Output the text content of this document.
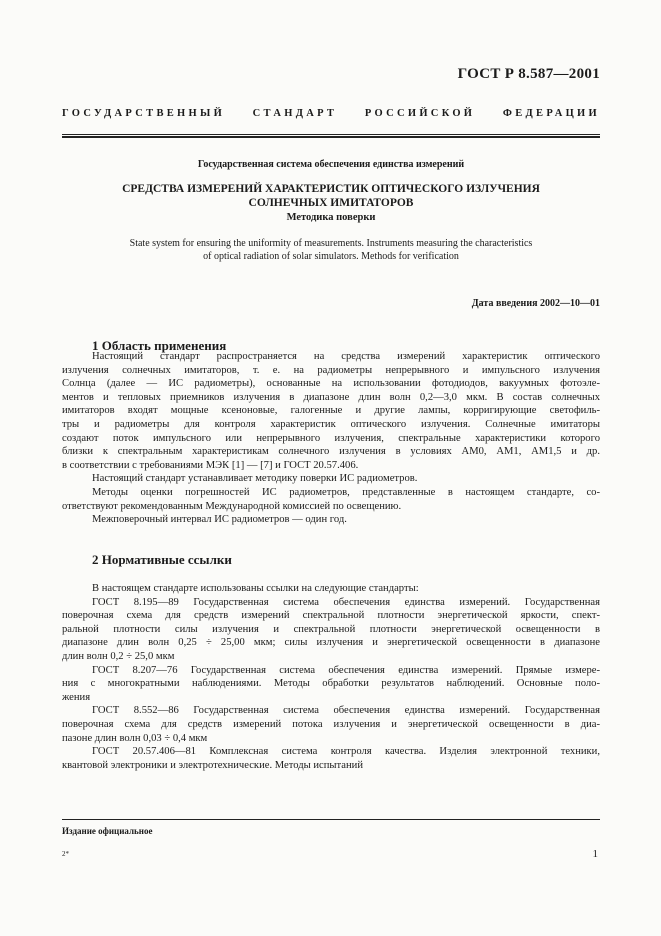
ГОСТ Р 8.587—2001
ГОСУДАРСТВЕННЫЙ СТАНДАРТ РОССИЙСКОЙ ФЕДЕРАЦИИ
Государственная система обеспечения единства измерений
СРЕДСТВА ИЗМЕРЕНИЙ ХАРАКТЕРИСТИК ОПТИЧЕСКОГО ИЗЛУЧЕНИЯ
СОЛНЕЧНЫХ ИМИТАТОРОВ
Методика поверки
State system for ensuring the uniformity of measurements. Instruments measuring the characteristics
of optical radiation of solar simulators. Methods for verification
Дата введения 2002—10—01
1 Область применения
Настоящий стандарт распространяется на средства измерений характеристик оптического
излучения солнечных имитаторов, т. е. на радиометры непрерывного и импульсного излучения
Солнца (далее — ИС радиометры), основанные на использовании фотодиодов, вакуумных фотоэле-
ментов и тепловых приемников излучения в диапазоне длин волн 0,2—3,0 мкм. В состав солнечных
имитаторов входят мощные ксеноновые, галогенные и другие лампы, корригирующие светофиль-
тры и радиометры для контроля характеристик оптического излучения. Солнечные имитаторы
создают поток импульсного или непрерывного излучения, спектральные характеристики которого
близки к спектральным характеристикам солнечного излучения в условиях АМ0, АМ1, АМ1,5 и др.
в соответствии с требованиями МЭК [1] — [7] и ГОСТ 20.57.406.
Настоящий стандарт устанавливает методику поверки ИС радиометров.
Методы оценки погрешностей ИС радиометров, представленные в настоящем стандарте, со-
ответствуют рекомендованным Международной комиссией по освещению.
Межповерочный интервал ИС радиометров — один год.
2 Нормативные ссылки
В настоящем стандарте использованы ссылки на следующие стандарты:
ГОСТ 8.195—89 Государственная система обеспечения единства измерений. Государственная
поверочная схема для средств измерений спектральной плотности энергетической яркости, спект-
ральной плотности силы излучения и спектральной плотности энергетической освещенности в
диапазоне длин волн 0,25 ÷ 25,00 мкм; силы излучения и энергетической освещенности в диапазоне
длин волн 0,2 ÷ 25,0 мкм
ГОСТ 8.207—76 Государственная система обеспечения единства измерений. Прямые измере-
ния с многократными наблюдениями. Методы обработки результатов наблюдений. Основные поло-
жения
ГОСТ 8.552—86 Государственная система обеспечения единства измерений. Государственная
поверочная схема для средств измерений потока излучения и энергетической освещенности в диа-
пазоне длин волн 0,03 ÷ 0,4 мкм
ГОСТ 20.57.406—81 Комплексная система контроля качества. Изделия электронной техники,
квантовой электроники и электротехнические. Методы испытаний
Издание официальное
2*	1
